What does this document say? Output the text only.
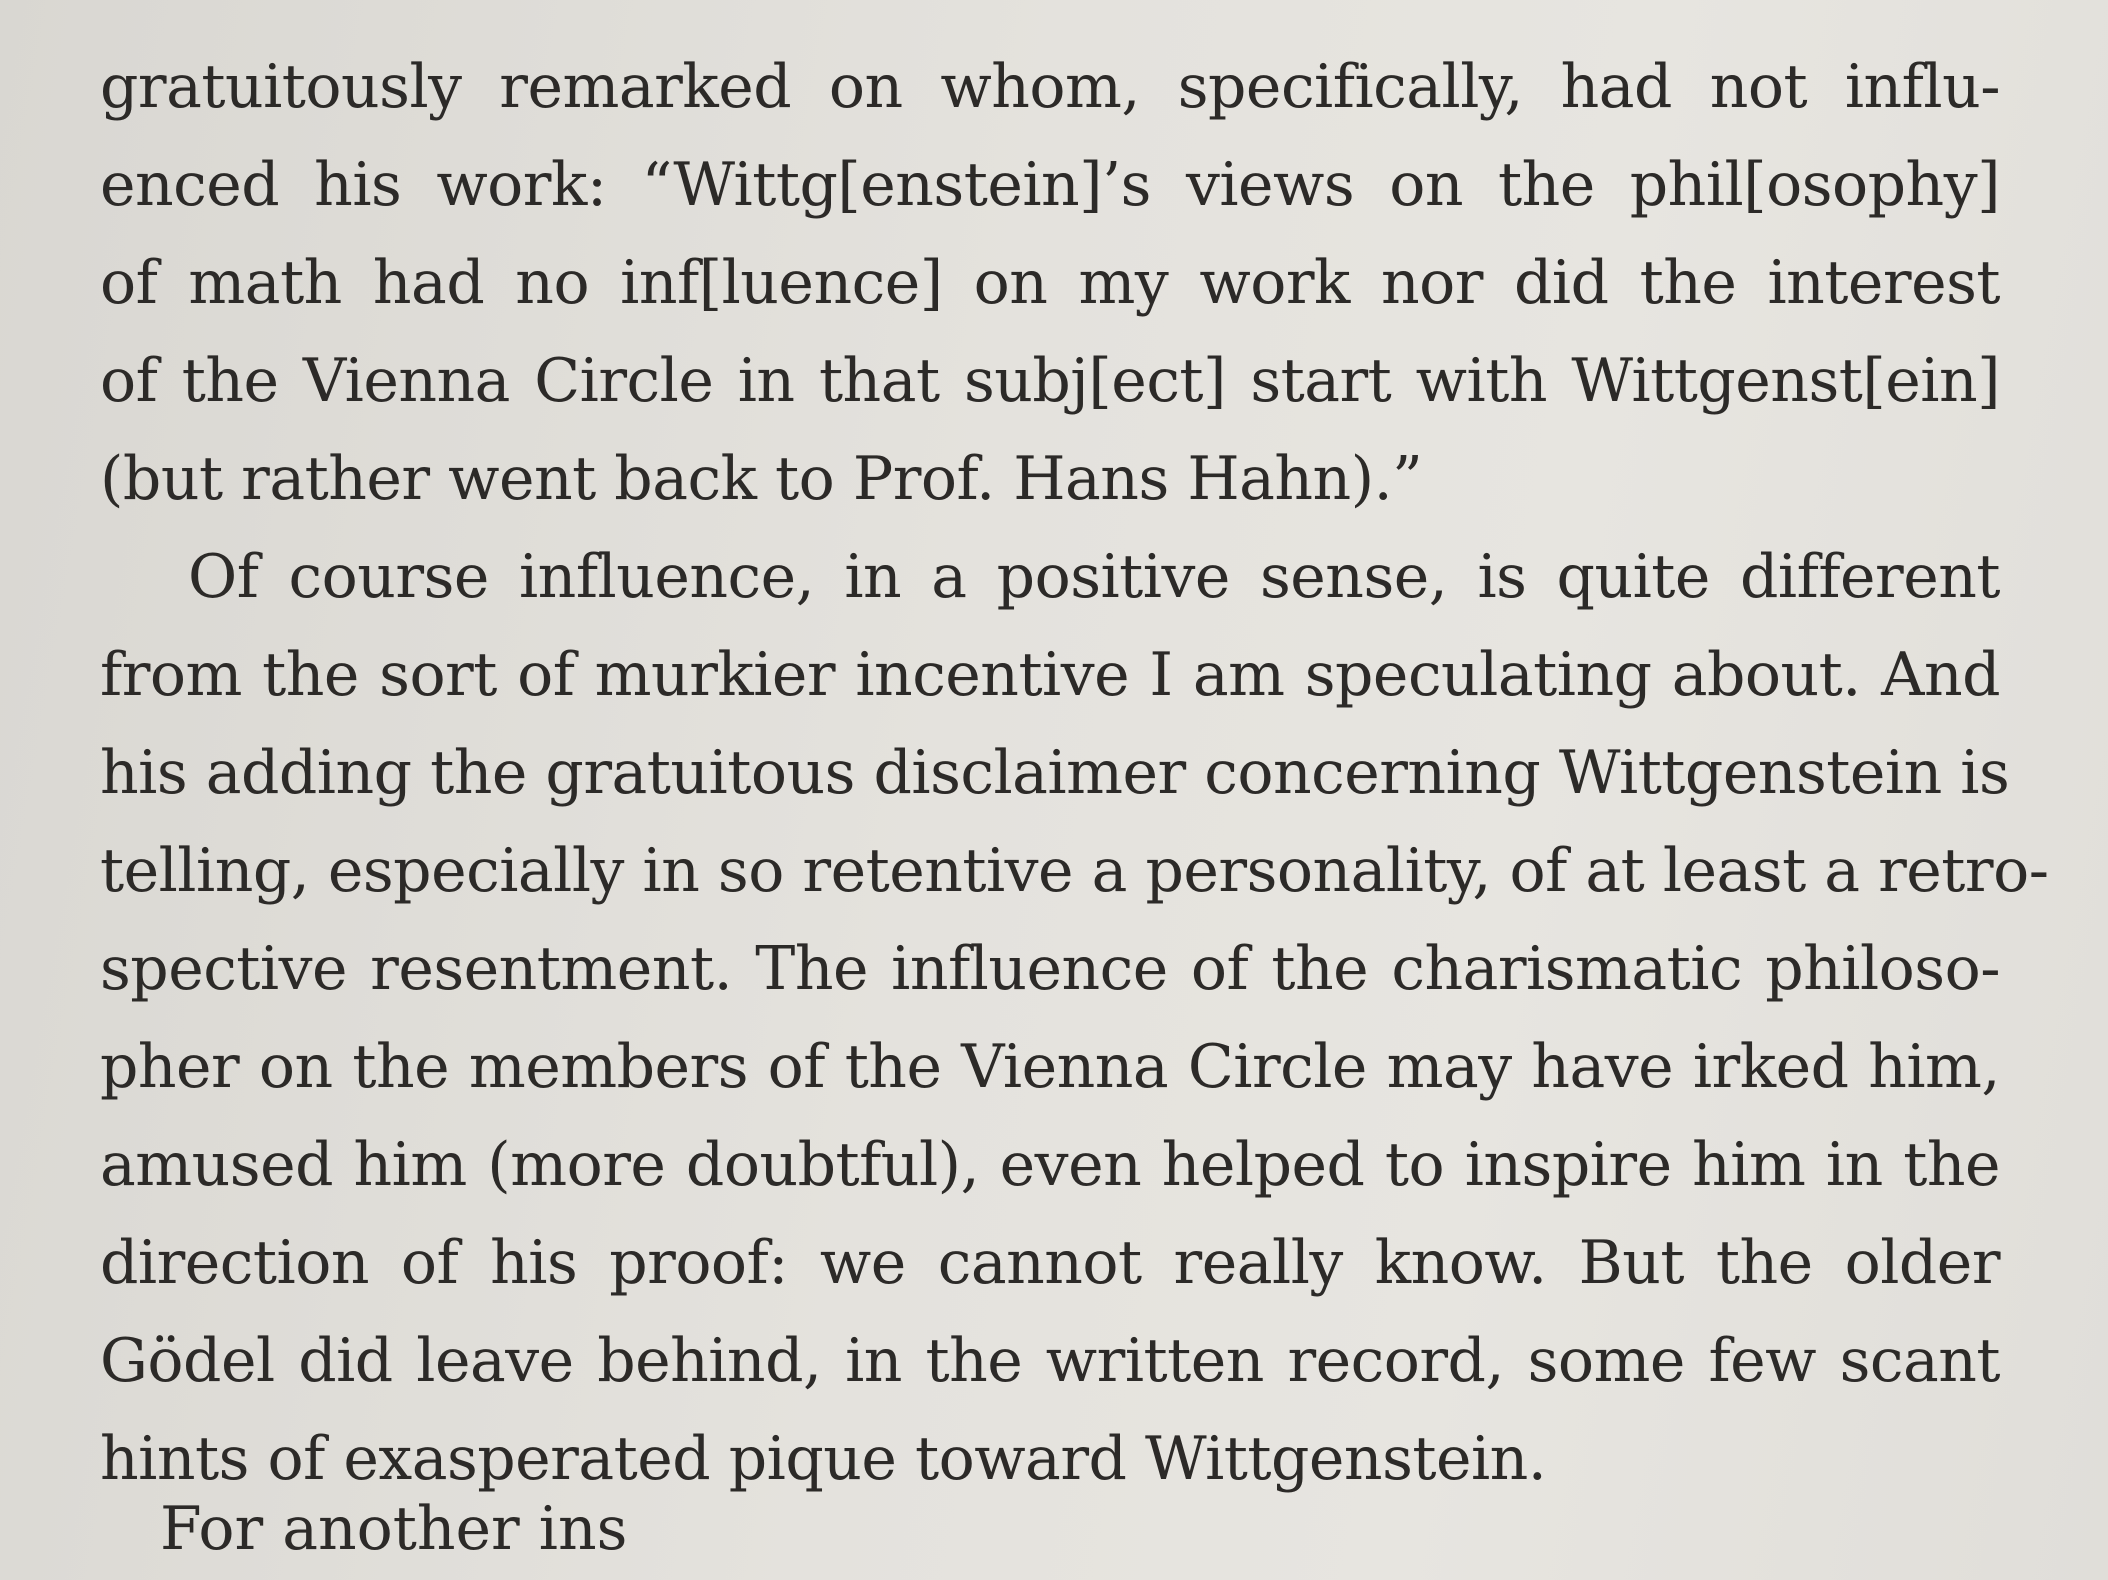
gratuitously remarked on whom, specifically, had not influ-
enced his work: “Wittg[enstein]’s views on the phil[osophy]
of math had no inf[luence] on my work nor did the interest
of the Vienna Circle in that subj[ect] start with Wittgenst[ein]
(but rather went back to Prof. Hans Hahn).”
Of course influence, in a positive sense, is quite different
from the sort of murkier incentive I am speculating about. And
his adding the gratuitous disclaimer concerning Wittgenstein is
telling, especially in so retentive a personality, of at least a retro-
spective resentment. The influence of the charismatic philoso-
pher on the members of the Vienna Circle may have irked him,
amused him (more doubtful), even helped to inspire him in the
direction of his proof: we cannot really know. But the older
Gödel did leave behind, in the written record, some few scant
hints of exasperated pique toward Wittgenstein.
For another ins
